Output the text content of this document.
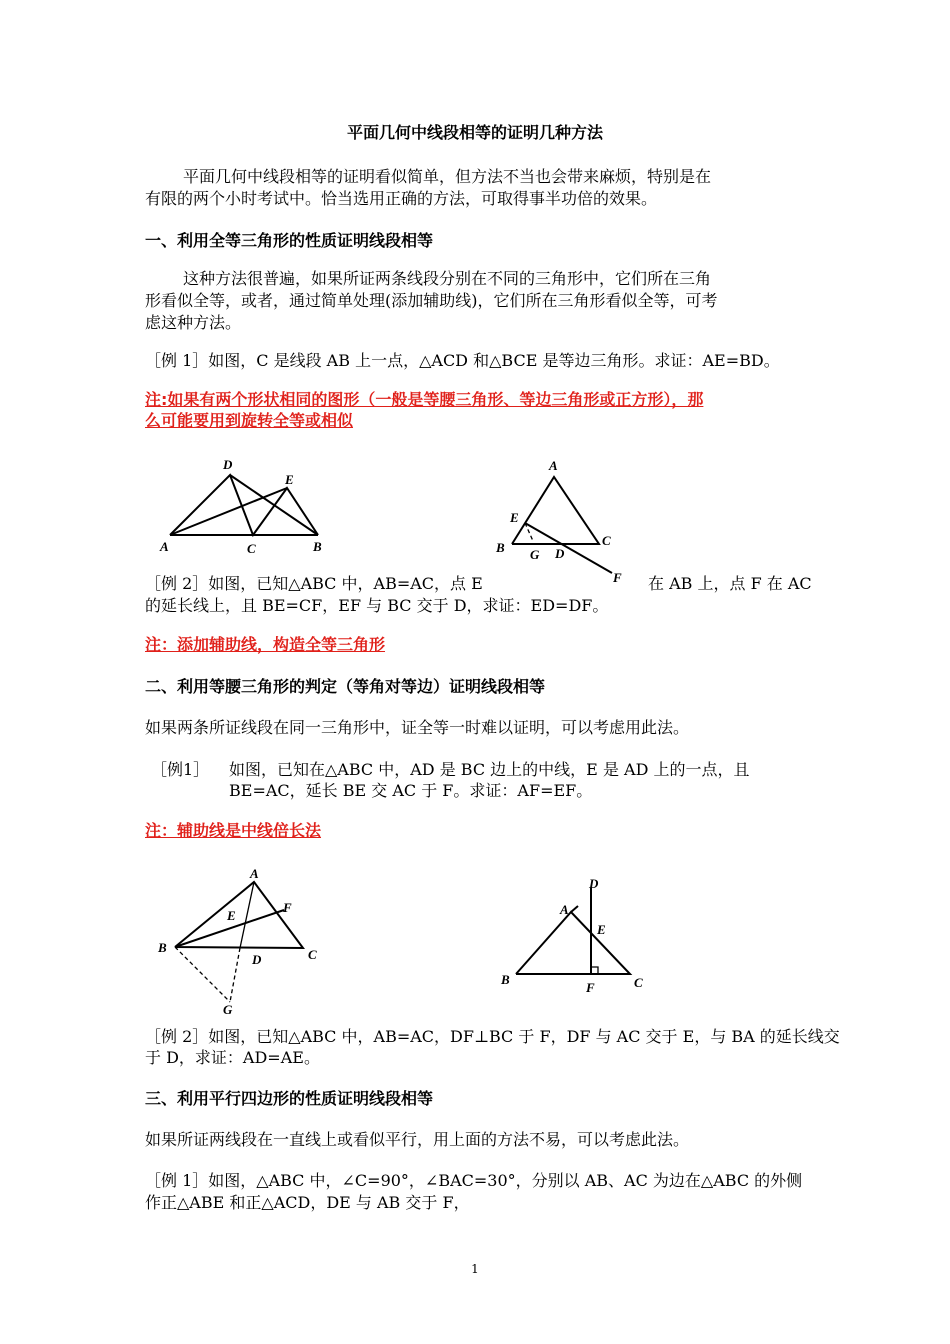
平面几何中线段相等的证明几种方法
平面几何中线段相等的证明看似简单，但方法不当也会带来麻烦，特别是在
有限的两个小时考试中。恰当选用正确的方法，可取得事半功倍的效果。
一、利用全等三角形的性质证明线段相等
这种方法很普遍，如果所证两条线段分别在不同的三角形中，它们所在三角
形看似全等，或者，通过简单处理(添加辅助线)，它们所在三角形看似全等，可考
虑这种方法。
［例 1］如图，C 是线段 AB 上一点，△ACD 和△BCE 是等边三角形。求证：AE=BD。
注:如果有两个形状相同的图形（一般是等腰三角形、等边三角形或正方形），那
么可能要用到旋转全等或相似
D
E
A	C	B
A
E
B G D
C
F
［例 2］如图，已知△ABC 中，AB=AC，点 E	在 AB 上，点 F 在 AC
的延长线上，且 BE=CF，EF 与 BC 交于 D，求证：ED=DF。
注：添加辅助线，构造全等三角形
二、利用等腰三角形的判定（等角对等边）证明线段相等
如果两条所证线段在同一三角形中，证全等一时难以证明，可以考虑用此法。
［例1］ 如图，已知在△ABC 中，AD 是 BC 边上的中线，E 是 AD 上的一点，且
BE=AC，延长 BE 交 AC 于 F。求证：AF=EF。
注：辅助线是中线倍长法
A
F
E
B
D	C
G
D
A
E
B
F	C
［例 2］如图，已知△ABC 中，AB=AC，DF⊥BC 于 F，DF 与 AC 交于 E，与 BA 的延长线交
于 D，求证：AD=AE。
三、利用平行四边形的性质证明线段相等
如果所证两线段在一直线上或看似平行，用上面的方法不易，可以考虑此法。
［例 1］如图，△ABC 中，∠C=90°，∠BAC=30°，分别以 AB、AC 为边在△ABC 的外侧
作正△ABE 和正△ACD，DE 与 AB 交于 F，
1
